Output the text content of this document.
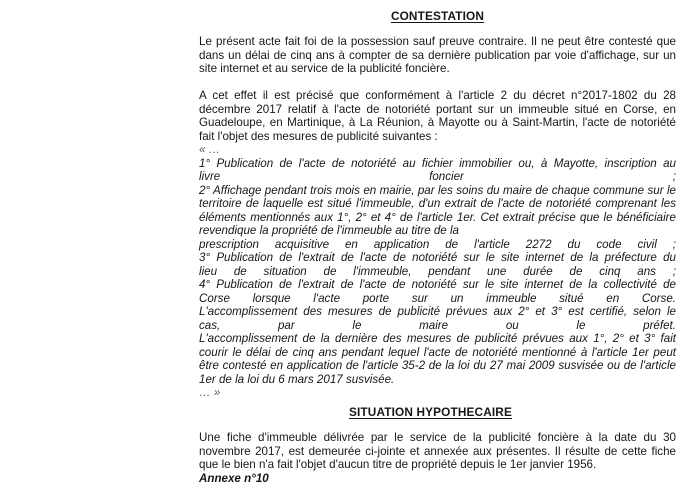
CONTESTATION

Le présent acte fait foi de la possession sauf preuve contraire. Il ne peut être contesté que dans un délai de cinq ans à compter de sa dernière publication par voie d'affichage, sur un site internet et au service de la publicité foncière.

A cet effet il est précisé que conformément à l'article 2 du décret n°2017-1802 du 28 décembre 2017 relatif à l'acte de notoriété portant sur un immeuble situé en Corse, en Guadeloupe, en Martinique, à La Réunion, à Mayotte ou à Saint-Martin, l'acte de notoriété fait l'objet des mesures de publicité suivantes :

« …
1° Publication de l'acte de notoriété au fichier immobilier ou, à Mayotte, inscription au
livre foncier ;
2° Affichage pendant trois mois en mairie, par les soins du maire de chaque commune sur le territoire de laquelle est situé l'immeuble, d'un extrait de l'acte de notoriété comprenant les éléments mentionnés aux 1°, 2° et 4° de l'article 1er. Cet extrait précise que le bénéficiaire revendique la propriété de l'immeuble au titre de la
prescription acquisitive en application de l'article 2272 du code civil ;
3° Publication de l'extrait de l'acte de notoriété sur le site internet de la préfecture du
lieu de situation de l'immeuble, pendant une durée de cinq ans ;
4° Publication de l'extrait de l'acte de notoriété sur le site internet de la collectivité de
Corse lorsque l'acte porte sur un immeuble situé en Corse.
L'accomplissement des mesures de publicité prévues aux 2° et 3° est certifié, selon le
cas, par le maire ou le préfet.
L'accomplissement de la dernière des mesures de publicité prévues aux 1°, 2° et 3° fait courir le délai de cinq ans pendant lequel l'acte de notoriété mentionné à l'article 1er peut être contesté en application de l'article 35-2 de la loi du 27 mai 2009 susvisée ou de l'article 1er de la loi du 6 mars 2017 susvisée.
… »
SITUATION HYPOTHECAIRE

Une fiche d'immeuble délivrée par le service de la publicité foncière à la date du 30 novembre 2017, est demeurée ci-jointe et annexée aux présentes. Il résulte de cette fiche que le bien n'a fait l'objet d'aucun titre de propriété depuis le 1er janvier 1956.

Annexe n°10
